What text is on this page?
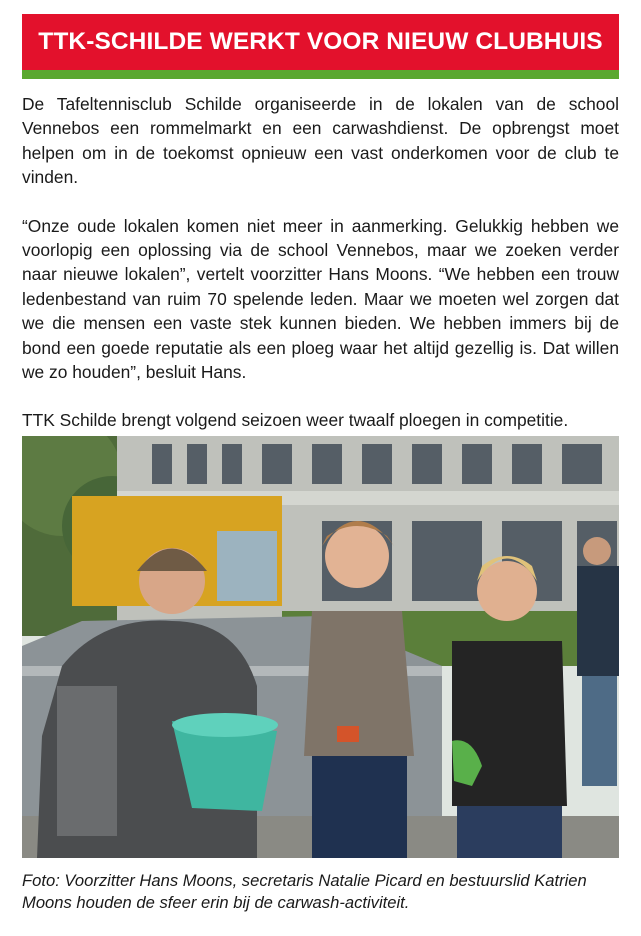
TTK-SCHILDE WERKT VOOR NIEUW CLUBHUIS

De Tafeltennisclub Schilde organiseerde in de lokalen van de school Vennebos een rommelmarkt en een carwashdienst. De opbrengst moet helpen om in de toekomst opnieuw een vast onderkomen voor de club te vinden.

“Onze oude lokalen komen niet meer in aanmerking. Gelukkig hebben we voorlopig een oplossing via de school Vennebos, maar we zoeken verder naar nieuwe lokalen”, vertelt voorzitter Hans Moons. “We hebben een trouw ledenbestand van ruim 70 spelende leden. Maar we moeten wel zorgen dat we die mensen een vaste stek kunnen bieden. We hebben immers bij de bond een goede reputatie als een ploeg waar het altijd gezellig is. Dat willen we zo houden”, besluit Hans.

TTK Schilde brengt volgend seizoen weer twaalf ploegen in competitie.

Foto: Voorzitter Hans Moons, secretaris Natalie Picard en bestuurslid Katrien Moons houden de sfeer erin bij de carwash-activiteit.
